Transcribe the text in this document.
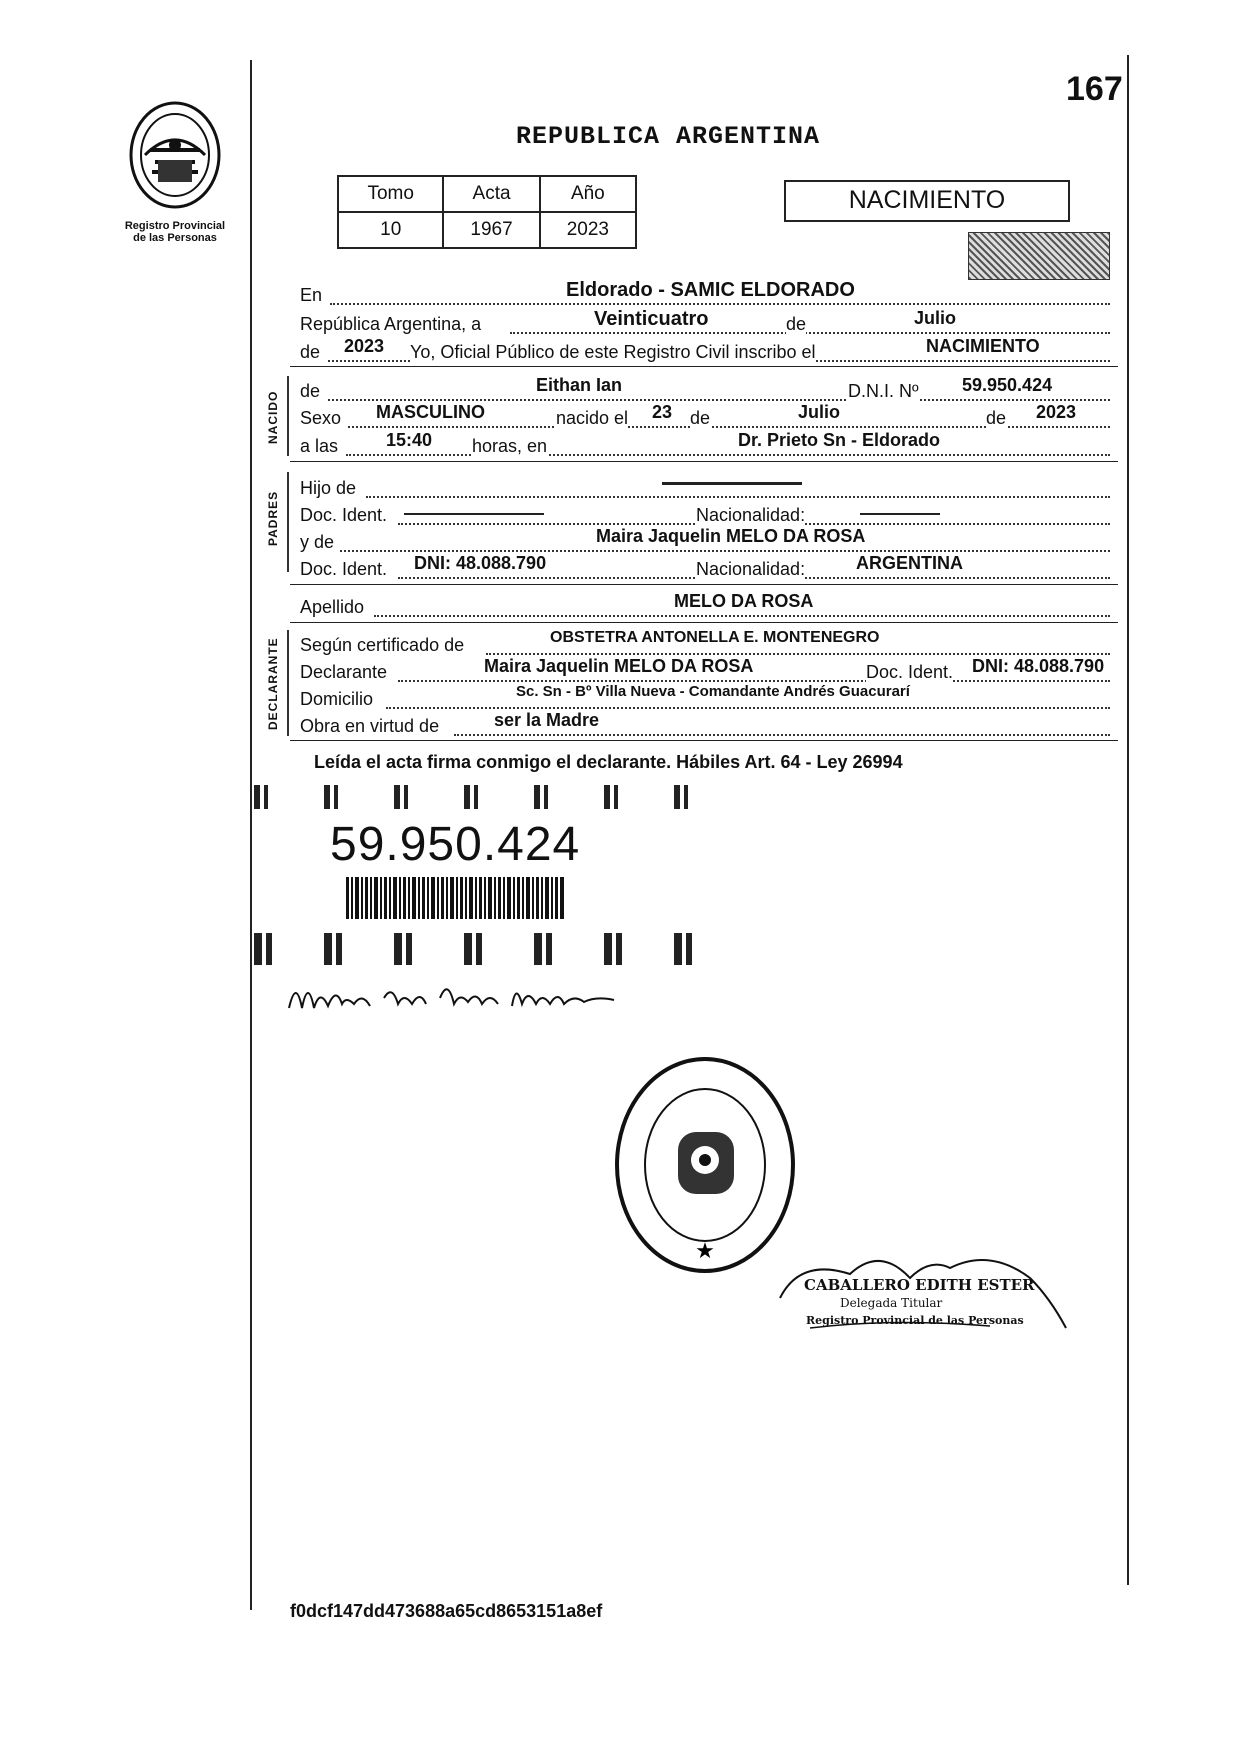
167
Registro Provincial
de las Personas
REPUBLICA ARGENTINA
Tomo	Acta	Año
10	1967	2023
NACIMIENTO
En	Eldorado - SAMIC ELDORADO
República Argentina, a	Veinticuatro	de	Julio
de 2023 Yo, Oficial Público de este Registro Civil inscribo el	NACIMIENTO
NACIDO de	Eithan Ian	D.N.I. Nº 59.950.424
Sexo MASCULINO	nacido el 23 de	Julio	de 2023
a las	15:40 horas, en	Dr. Prieto Sn - Eldorado
PADRES
Hijo de
Doc. Ident.	Nacionalidad:
y de	Maira Jaquelin MELO DA ROSA
Doc. Ident. DNI: 48.088.790	Nacionalidad:	ARGENTINA
Apellido	MELO DA ROSA
DECLARANTE Según certificado de	OBSTETRA ANTONELLA E. MONTENEGRO
Declarante	Maira Jaquelin MELO DA ROSA	Doc. Ident. DNI: 48.088.790
Domicilio	Sc. Sn - Bº Villa Nueva - Comandante Andrés Guacurarí
Obra en virtud de	ser la Madre
Leída el acta firma conmigo el declarante. Hábiles Art. 64 - Ley 26994
59.950.424
★
CABALLERO EDITH ESTER
Delegada Titular
Registro Provincial de las Personas
f0dcf147dd473688a65cd8653151a8ef
